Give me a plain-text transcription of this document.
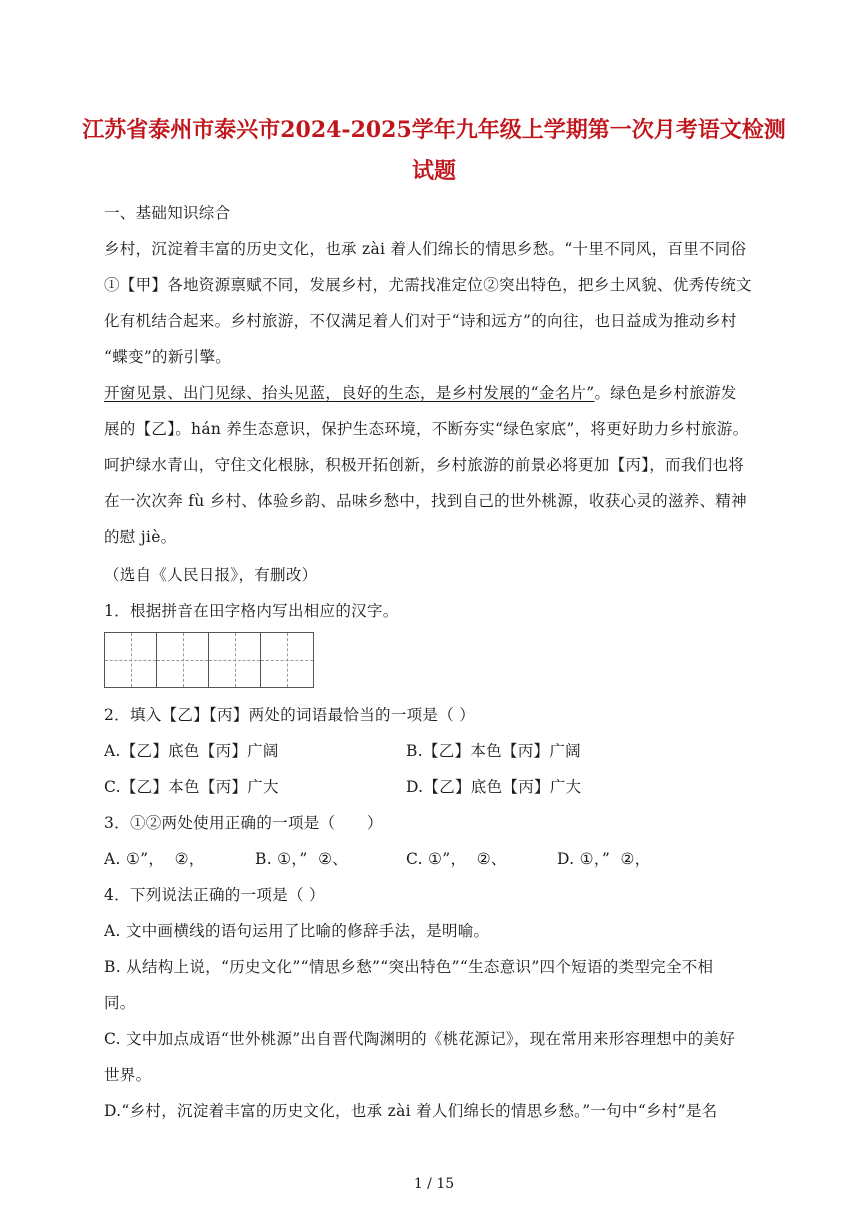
江苏省泰州市泰兴市2024-2025学年九年级上学期第一次月考语文检测
试题
一、基础知识综合
乡村，沉淀着丰富的历史文化，也承 zài 着人们绵长的情思乡愁。“十里不同风，百里不同俗
①【甲】各地资源禀赋不同，发展乡村，尤需找准定位②突出特色，把乡土风貌、优秀传统文
化有机结合起来。乡村旅游，不仅满足着人们对于“诗和远方”的向往，也日益成为推动乡村
“蝶变”的新引擎。
开窗见景、出门见绿、抬头见蓝，良好的生态，是乡村发展的“金名片”。绿色是乡村旅游发
展的【乙】。hán 养生态意识，保护生态环境，不断夯实“绿色家底”，将更好助力乡村旅游。
呵护绿水青山，守住文化根脉，积极开拓创新，乡村旅游的前景必将更加【丙】，而我们也将
在一次次奔 fù 乡村、体验乡韵、品味乡愁中，找到自己的世外桃源，收获心灵的滋养、精神
的慰 jiè。
（选自《人民日报》，有删改）
1．根据拼音在田字格内写出相应的汉字。
2．填入【乙】【丙】两处的词语最恰当的一项是（ ）
A.【乙】底色【丙】广阔	B.【乙】本色【丙】广阔
C.【乙】本色【丙】广大	D.【乙】底色【丙】广大
3．①②两处使用正确的一项是（　　）
A. ①”，  ②，	B. ①，”  ②、	C. ①”，  ②、	D. ①，”  ②，
4．下列说法正确的一项是（ ）
A. 文中画横线的语句运用了比喻的修辞手法，是明喻。
B. 从结构上说，“历史文化”“情思乡愁”“突出特色”“生态意识”四个短语的类型完全不相
同。
C. 文中加点成语“世外桃源”出自晋代陶渊明的《桃花源记》，现在常用来形容理想中的美好
世界。
D.“乡村，沉淀着丰富的历史文化，也承 zài 着人们绵长的情思乡愁。”一句中“乡村”是名
1 / 15
